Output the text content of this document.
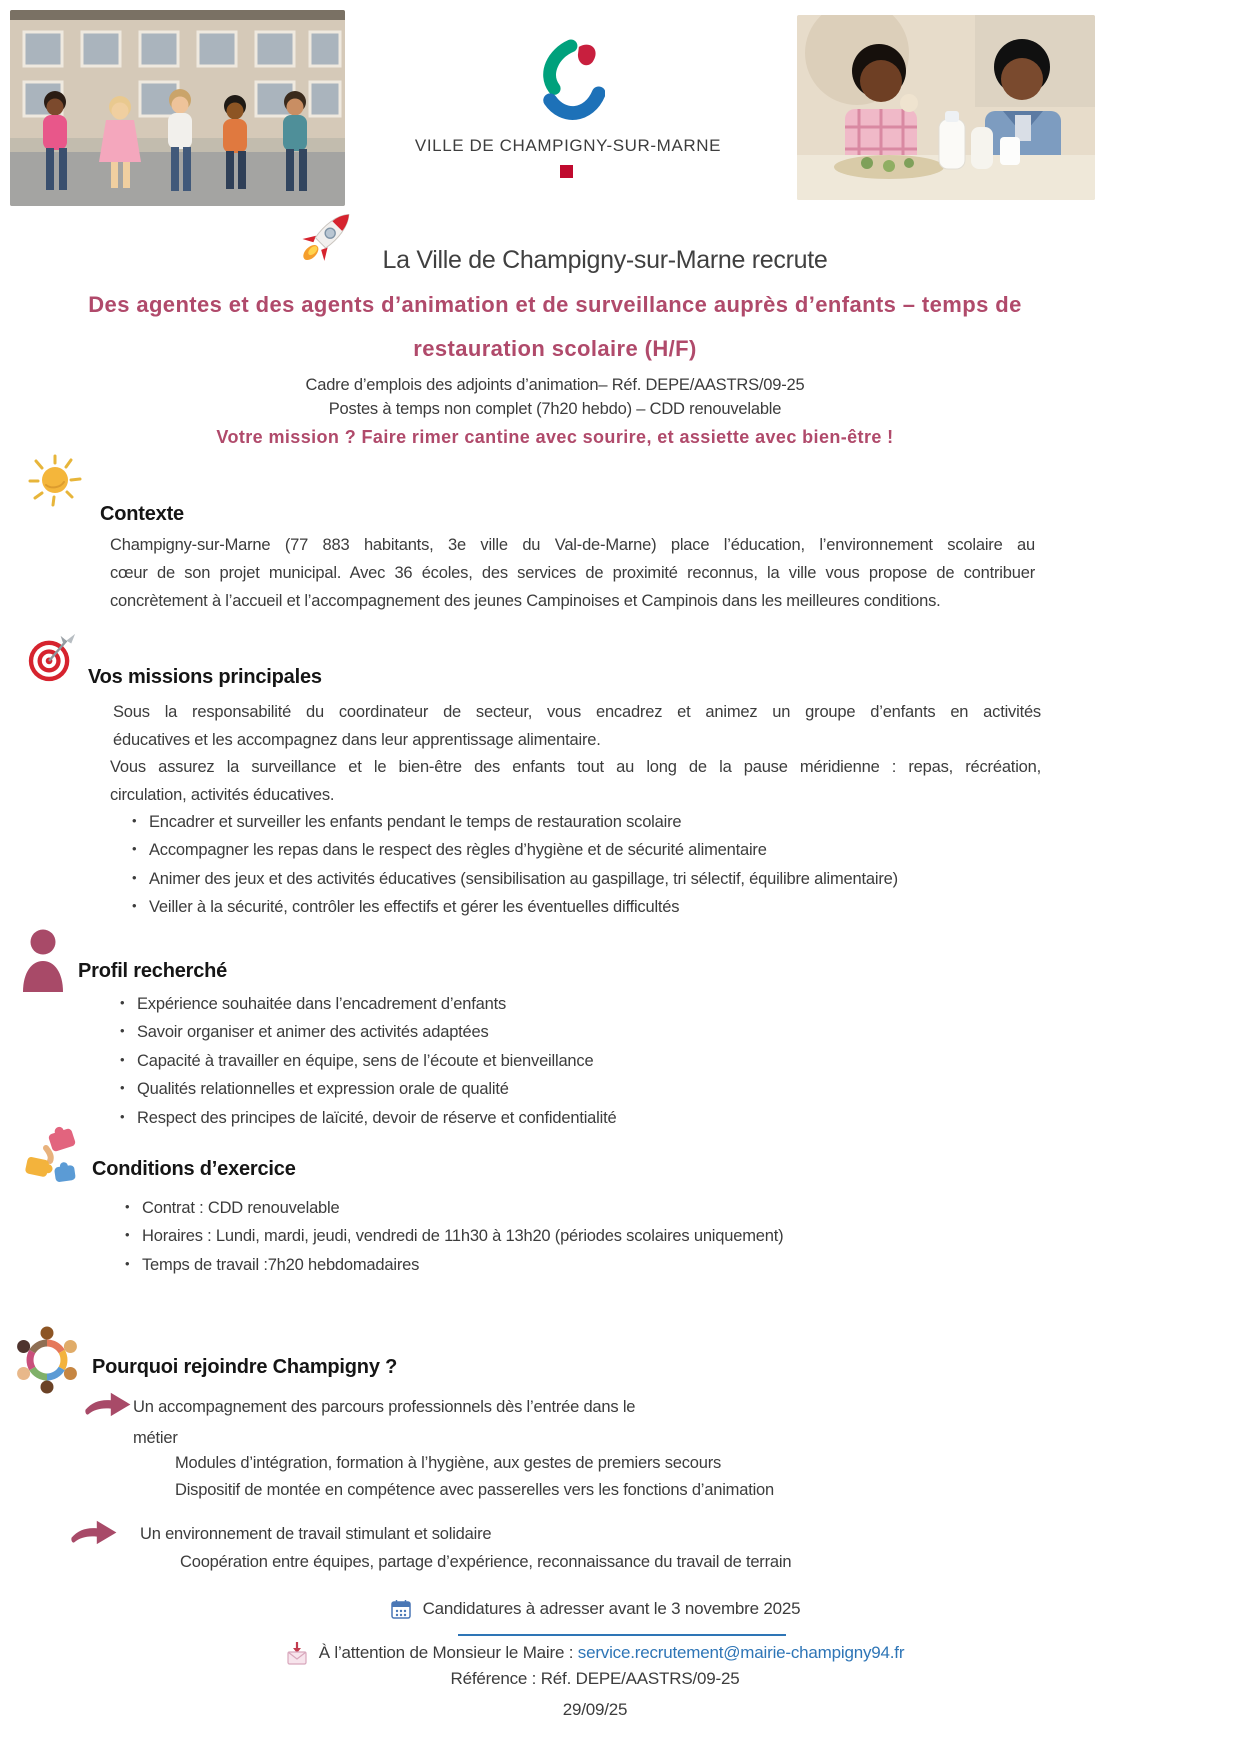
VILLE DE CHAMPIGNY-SUR-MARNE
La Ville de Champigny-sur-Marne recrute
Des agentes et des agents d’animation et de surveillance auprès d’enfants – temps de
restauration scolaire (H/F)
Cadre d’emplois des adjoints d’animation– Réf. DEPE/AASTRS/09-25
Postes à temps non complet (7h20 hebdo) – CDD renouvelable
Votre mission ? Faire rimer cantine avec sourire, et assiette avec bien-être !
Contexte
Champigny-sur-Marne (77 883 habitants, 3e ville du Val-de-Marne) place l’éducation, l’environnement scolaire au
cœur de son projet municipal. Avec 36 écoles, des services de proximité reconnus, la ville vous propose de contribuer
concrètement à l’accueil et l’accompagnement des jeunes Campinoises et Campinois dans les meilleures conditions.
Vos missions principales
Sous la responsabilité du coordinateur de secteur, vous encadrez et animez un groupe d’enfants en activités
éducatives et les accompagnez dans leur apprentissage alimentaire.
Vous assurez la surveillance et le bien-être des enfants tout au long de la pause méridienne : repas, récréation,
circulation, activités éducatives.
• Encadrer et surveiller les enfants pendant le temps de restauration scolaire
• Accompagner les repas dans le respect des règles d’hygiène et de sécurité alimentaire
• Animer des jeux et des activités éducatives (sensibilisation au gaspillage, tri sélectif, équilibre alimentaire)
• Veiller à la sécurité, contrôler les effectifs et gérer les éventuelles difficultés
Profil recherché
• Expérience souhaitée dans l’encadrement d’enfants
• Savoir organiser et animer des activités adaptées
• Capacité à travailler en équipe, sens de l’écoute et bienveillance
• Qualités relationnelles et expression orale de qualité
• Respect des principes de laïcité, devoir de réserve et confidentialité
Conditions d’exercice
• Contrat : CDD renouvelable
• Horaires : Lundi, mardi, jeudi, vendredi de 11h30 à 13h20 (périodes scolaires uniquement)
• Temps de travail :7h20 hebdomadaires
Pourquoi rejoindre Champigny ?
Un accompagnement des parcours professionnels dès l’entrée dans le
métier
Modules d’intégration, formation à l’hygiène, aux gestes de premiers secours
Dispositif de montée en compétence avec passerelles vers les fonctions d’animation
Un environnement de travail stimulant et solidaire
Coopération entre équipes, partage d’expérience, reconnaissance du travail de terrain
Candidatures à adresser avant le 3 novembre 2025
À l’attention de Monsieur le Maire : service.recrutement@mairie-champigny94.fr
Référence : Réf. DEPE/AASTRS/09-25
29/09/25
